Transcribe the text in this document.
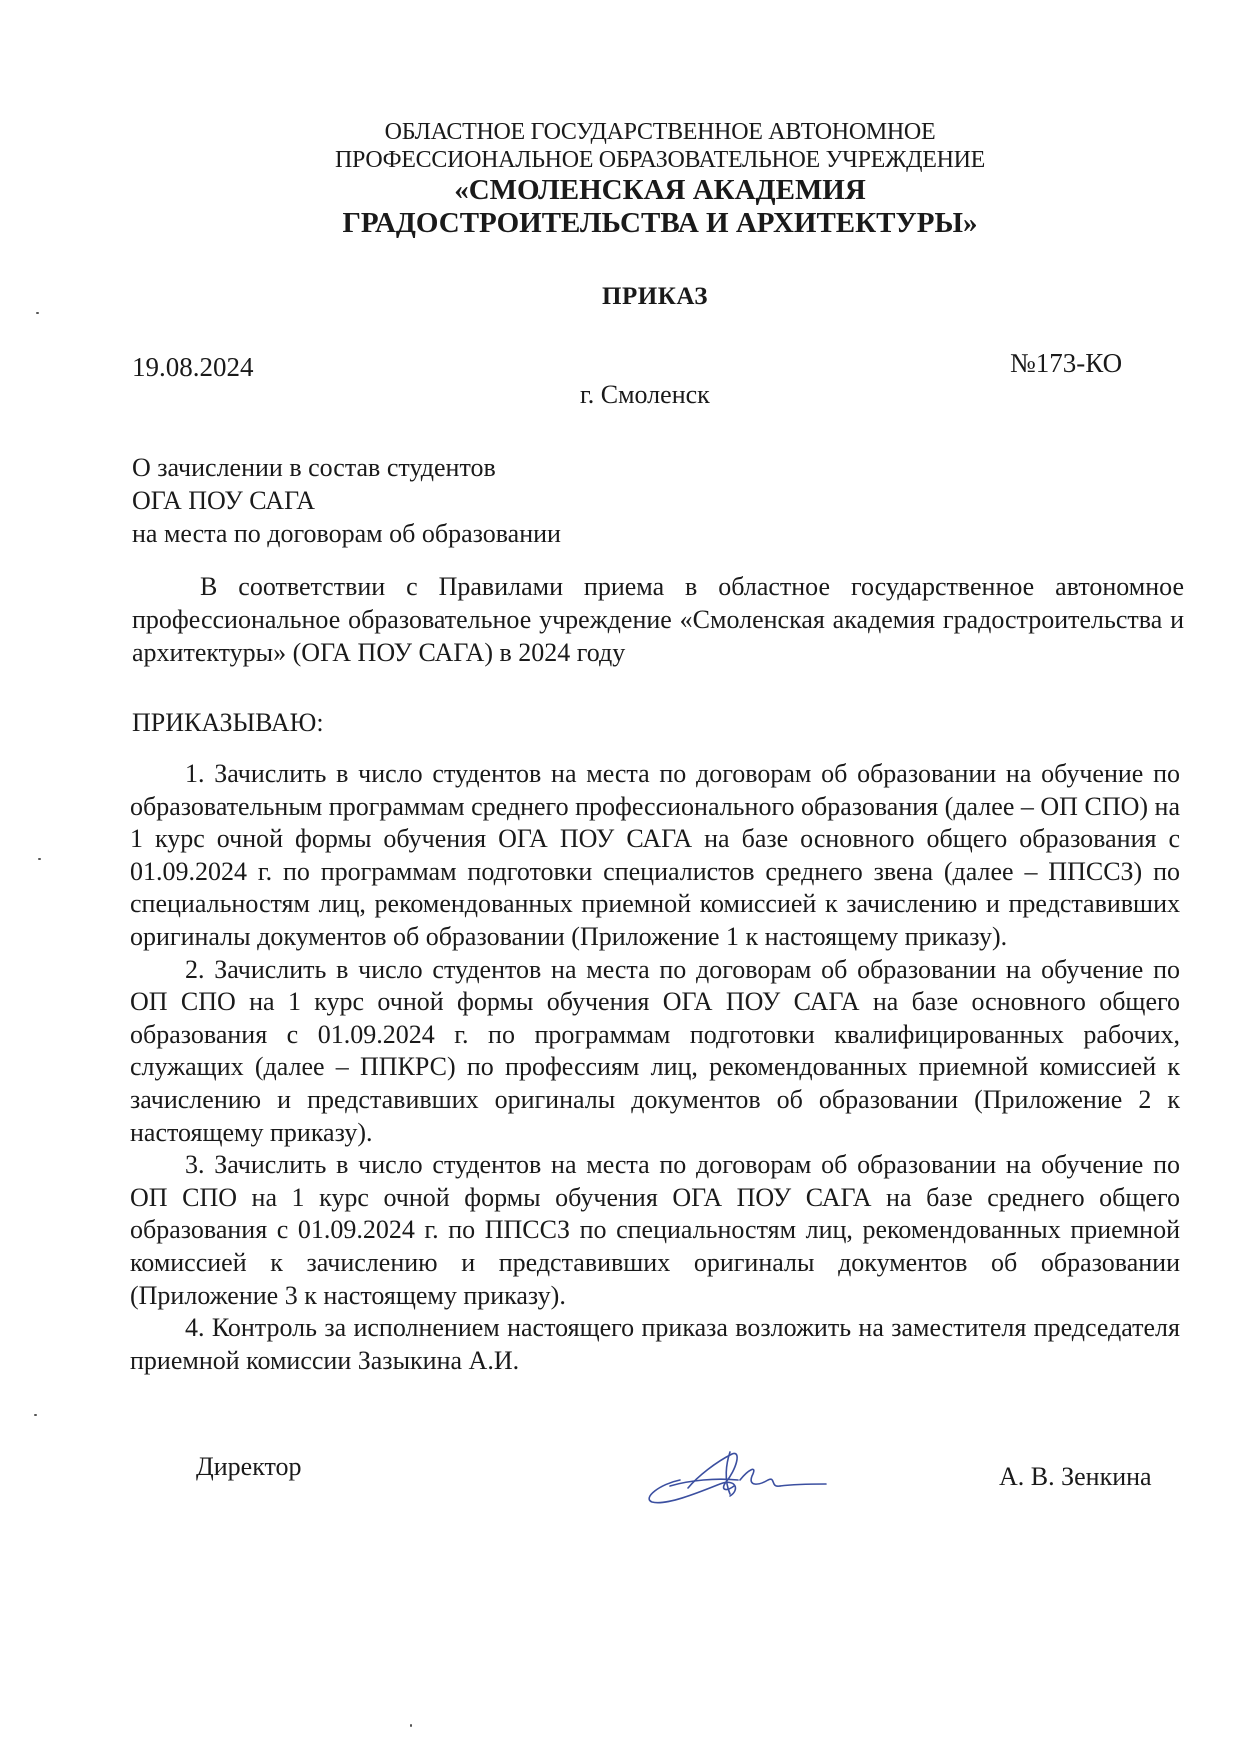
ОБЛАСТНОЕ ГОСУДАРСТВЕННОЕ АВТОНОМНОЕ
ПРОФЕССИОНАЛЬНОЕ ОБРАЗОВАТЕЛЬНОЕ УЧРЕЖДЕНИЕ
«СМОЛЕНСКАЯ АКАДЕМИЯ
ГРАДОСТРОИТЕЛЬСТВА И АРХИТЕКТУРЫ»
ПРИКАЗ
19.08.2024	№173-КО
г. Смоленск
О зачислении в состав студентов
ОГА ПОУ САГА
на места по договорам об образовании

В соответствии с Правилами приема в областное государственное автономное профессиональное образовательное учреждение «Смоленская академия градостроительства и архитектуры» (ОГА ПОУ САГА) в 2024 году

ПРИКАЗЫВАЮ:

1. Зачислить в число студентов на места по договорам об образовании на обучение по образовательным программам среднего профессионального образования (далее – ОП СПО) на 1 курс очной формы обучения ОГА ПОУ САГА на базе основного общего образования с 01.09.2024 г. по программам подготовки специалистов среднего звена (далее – ППССЗ) по специальностям лиц, рекомендованных приемной комиссией к зачислению и представивших оригиналы документов об образовании (Приложение 1 к настоящему приказу).

2. Зачислить в число студентов на места по договорам об образовании на обучение по ОП СПО на 1 курс очной формы обучения ОГА ПОУ САГА на базе основного общего образования с 01.09.2024 г. по программам подготовки квалифицированных рабочих, служащих (далее – ППКРС) по профессиям лиц, рекомендованных приемной комиссией к зачислению и представивших оригиналы документов об образовании (Приложение 2 к настоящему приказу).

3. Зачислить в число студентов на места по договорам об образовании на обучение по ОП СПО на 1 курс очной формы обучения ОГА ПОУ САГА на базе среднего общего образования с 01.09.2024 г. по ППССЗ по специальностям лиц, рекомендованных приемной комиссией к зачислению и представивших оригиналы документов об образовании (Приложение 3 к настоящему приказу).

4. Контроль за исполнением настоящего приказа возложить на заместителя председателя приемной комиссии Зазыкина А.И.

Директор	А. В. Зенкина
